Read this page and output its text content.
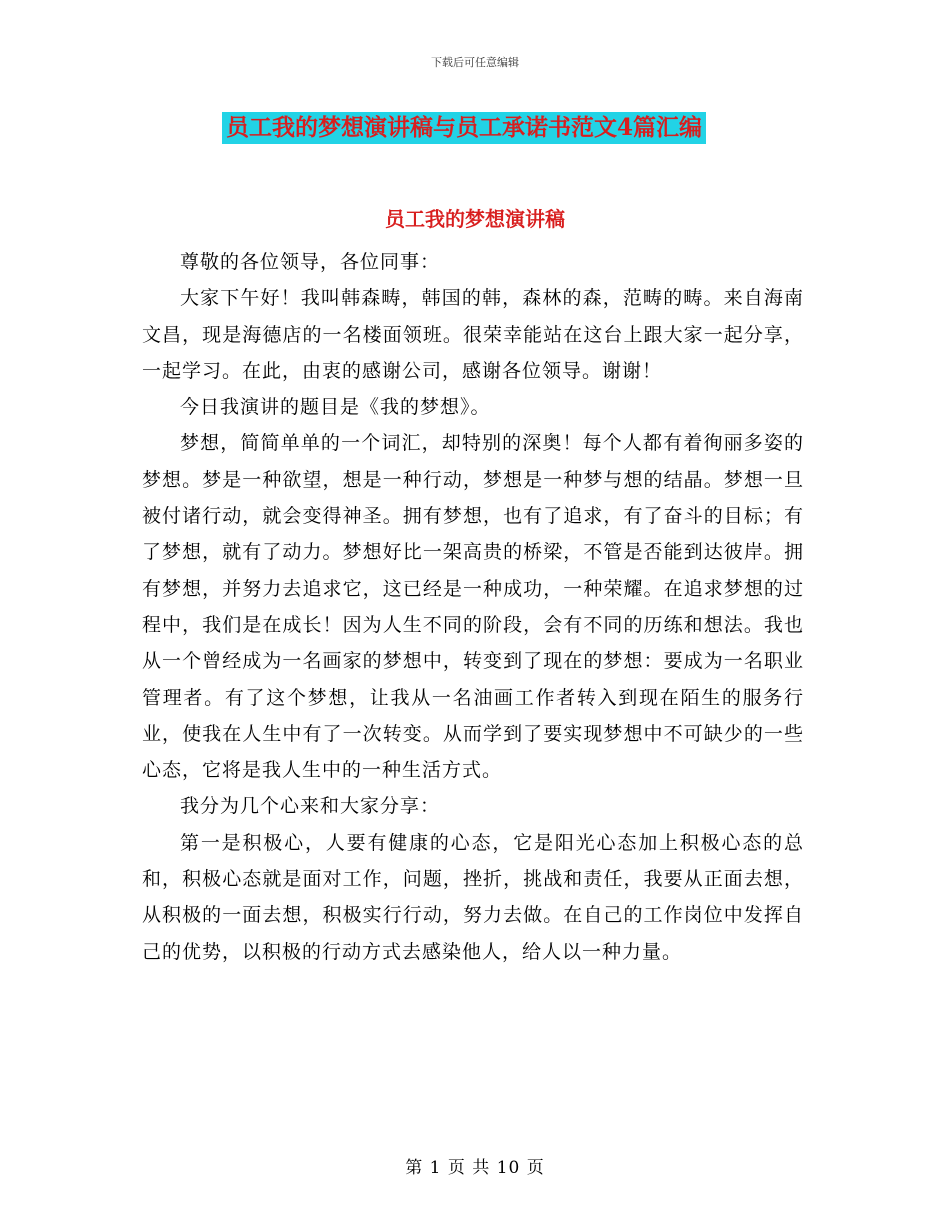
下载后可任意编辑
员工我的梦想演讲稿与员工承诺书范文4篇汇编
员工我的梦想演讲稿

尊敬的各位领导，各位同事：

大家下午好！我叫韩森畴，韩国的韩，森林的森，范畴的畴。来自海南文昌，现是海德店的一名楼面领班。很荣幸能站在这台上跟大家一起分享，一起学习。在此，由衷的感谢公司，感谢各位领导。谢谢！

今日我演讲的题目是《我的梦想》。

梦想，简简单单的一个词汇，却特别的深奥！每个人都有着徇丽多姿的梦想。梦是一种欲望，想是一种行动，梦想是一种梦与想的结晶。梦想一旦被付诸行动，就会变得神圣。拥有梦想，也有了追求，有了奋斗的目标；有了梦想，就有了动力。梦想好比一架高贵的桥梁，不管是否能到达彼岸。拥有梦想，并努力去追求它，这已经是一种成功，一种荣耀。在追求梦想的过程中，我们是在成长！因为人生不同的阶段，会有不同的历练和想法。我也从一个曾经成为一名画家的梦想中，转变到了现在的梦想：要成为一名职业管理者。有了这个梦想，让我从一名油画工作者转入到现在陌生的服务行业，使我在人生中有了一次转变。从而学到了要实现梦想中不可缺少的一些心态，它将是我人生中的一种生活方式。

我分为几个心来和大家分享：

第一是积极心，人要有健康的心态，它是阳光心态加上积极心态的总和，积极心态就是面对工作，问题，挫折，挑战和责任，我要从正面去想，从积极的一面去想，积极实行行动，努力去做。在自己的工作岗位中发挥自己的优势，以积极的行动方式去感染他人，给人以一种力量。

第 1 页 共 10 页
